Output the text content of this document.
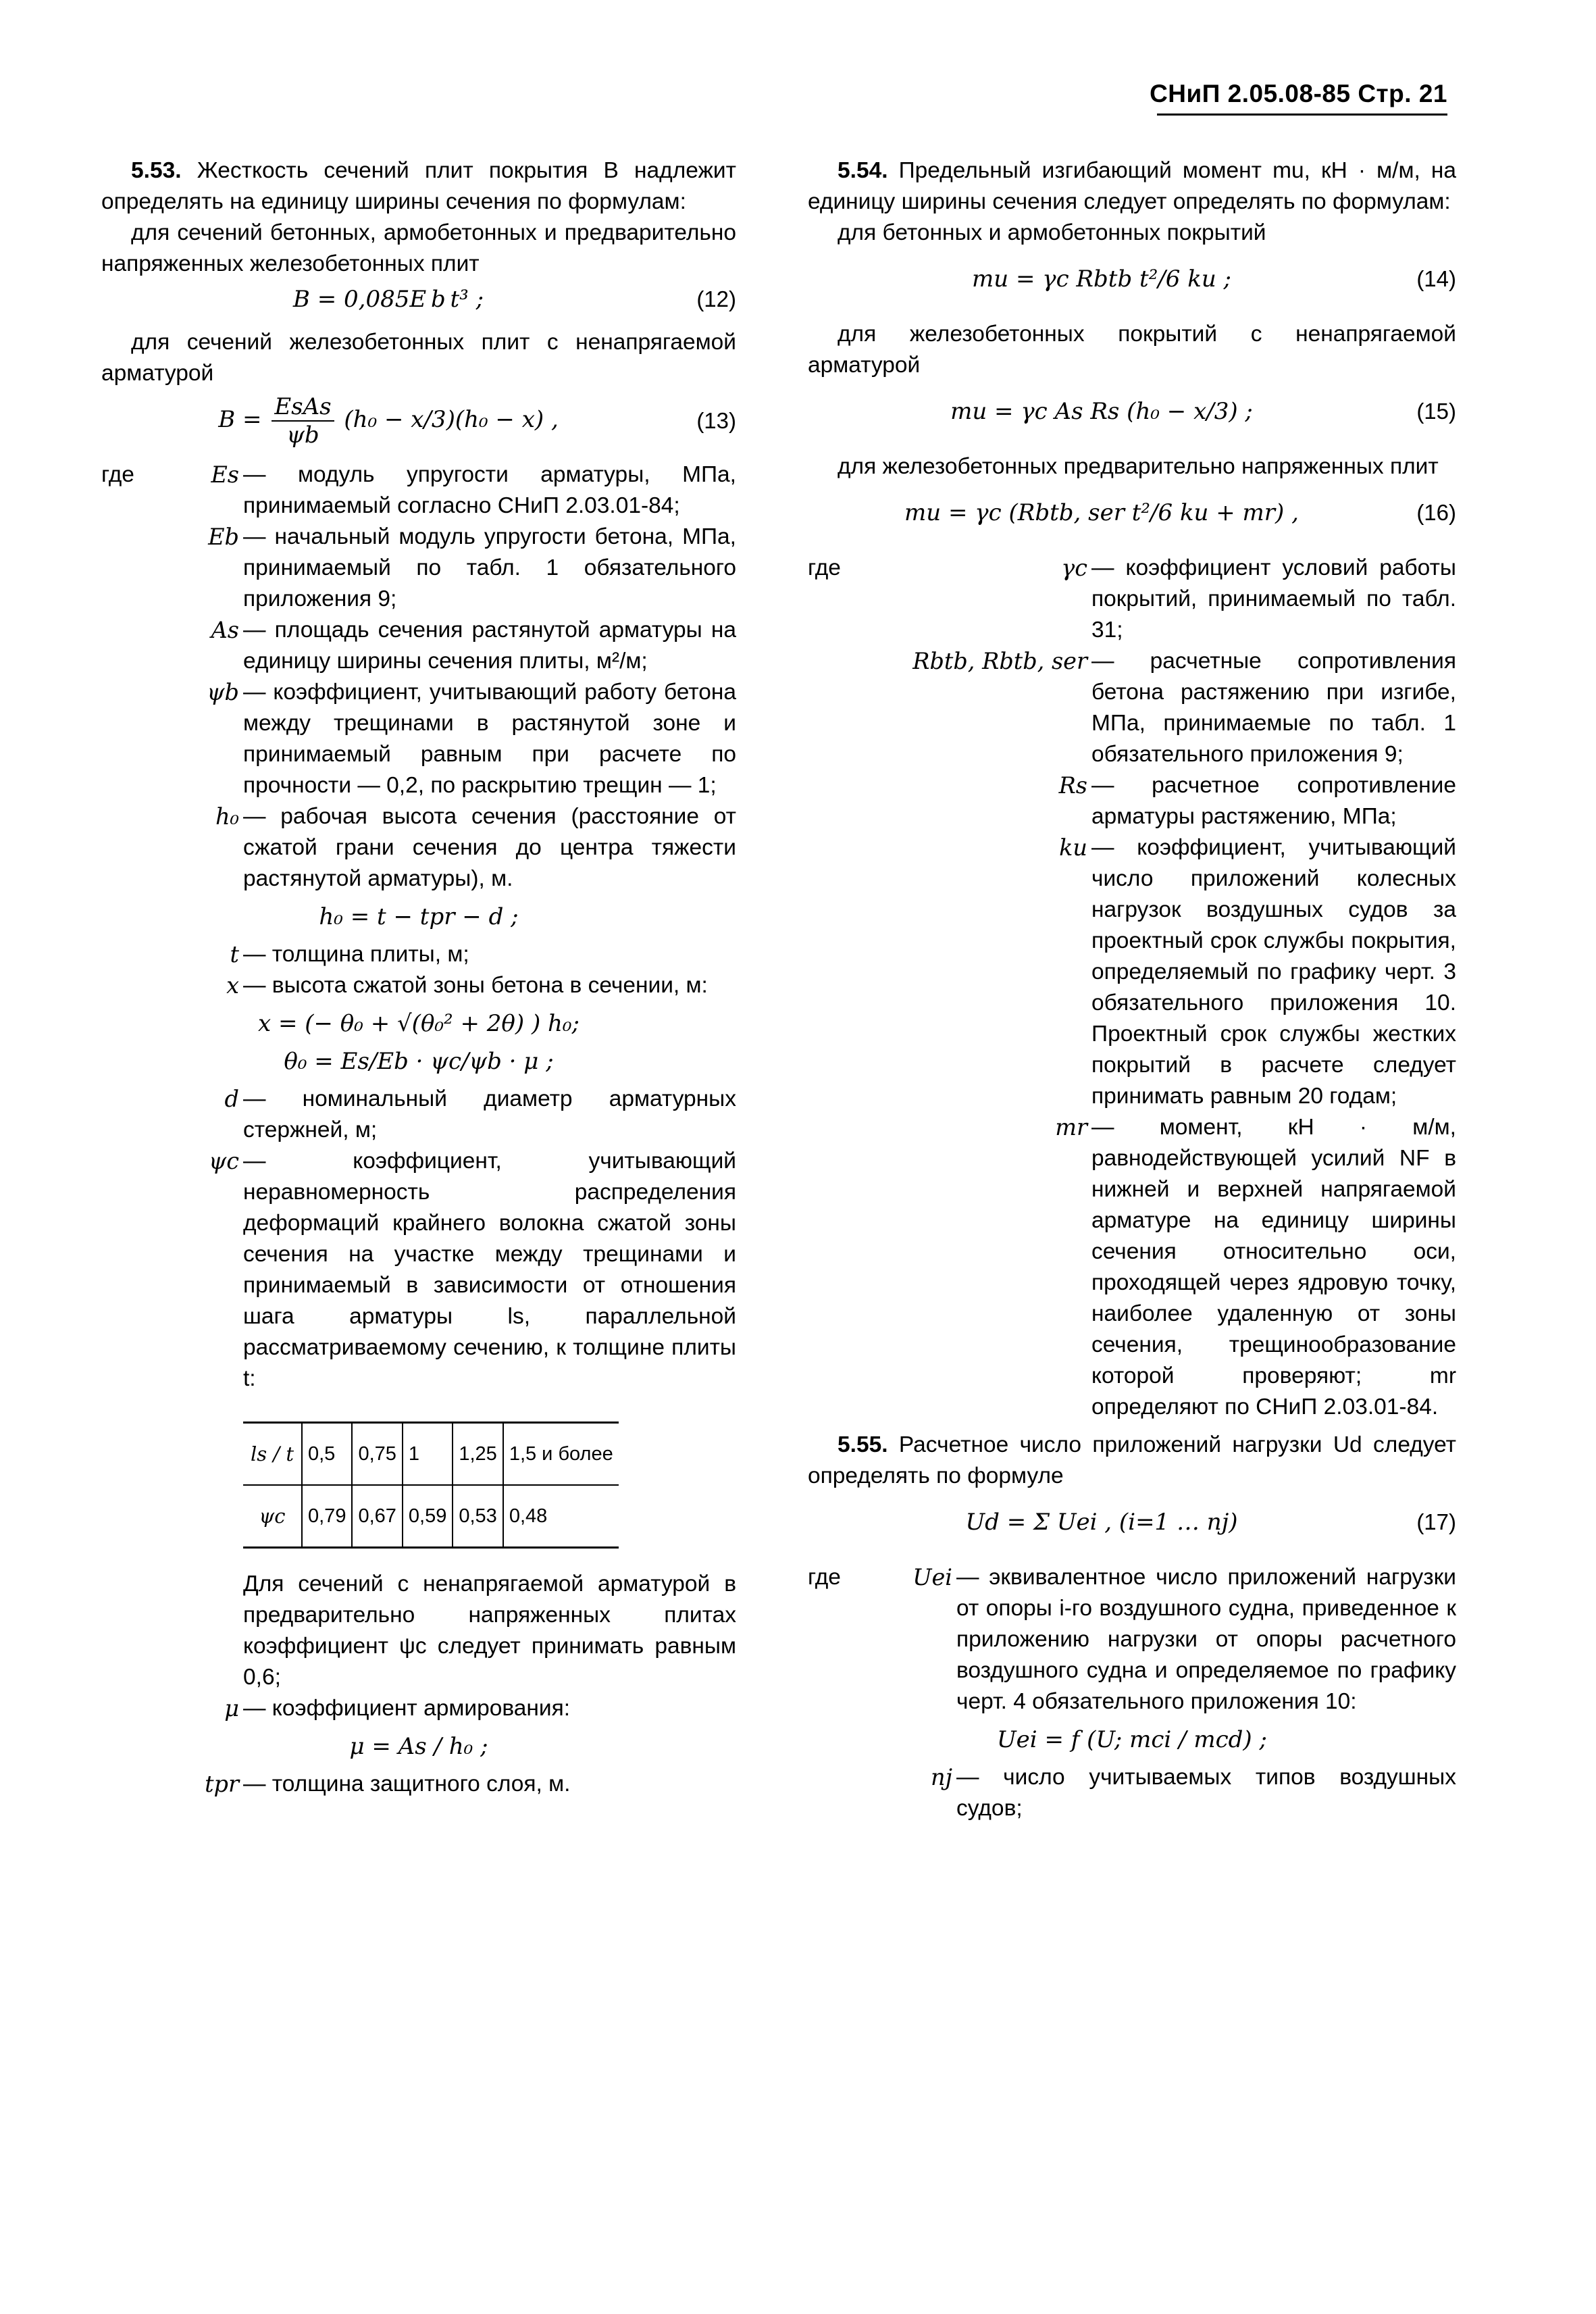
СНиП 2.05.08-85 Стр. 21

5.53. Жесткость сечений плит покрытия B надлежит определять на единицу ширины сечения по формулам:

для сечений бетонных, армобетонных и предварительно напряженных железобетонных плит

B = 0,085E b t³ ;	(12)

для сечений железобетонных плит с ненапрягаемой арматурой

$B = \frac{\text{EsAs}}{\psi b} (h_0 - x/3)(h_0 - x)$ ,	(13)
где	Es — модуль упругости арматуры, МПа, принимаемый согласно СНиП 2.03.01-84;
Eb — начальный модуль упругости бетона, МПа, принимаемый по табл. 1 обязательного приложения 9;
As — площадь сечения растянутой арматуры на единицу ширины сечения плиты, м²/м;
ψb — коэффициент, учитывающий работу бетона между трещинами в растянутой зоне и принимаемый равным при расчете по прочности — 0,2, по раскрытию трещин — 1;
h₀ — рабочая высота сечения (расстояние от сжатой грани сечения до центра тяжести растянутой арматуры), м.
h₀ = t − tpr − d ;
t — толщина плиты, м;
x — высота сжатой зоны бетона в сечении, м:
x = (− θ₀ + √(θ₀² + 2θ) ) h₀;
θ₀ = Es/Eb · ψc/ψb · μ ;
d — номинальный диаметр арматурных стержней, м;
ψc — коэффициент, учитывающий неравномерность распределения деформаций крайнего волокна сжатой зоны сечения на участке между трещинами и принимаемый в зависимости от отношения шага арматуры ls, параллельной рассматриваемому сечению, к толщине плиты t:
ls / t	0,5	0,75	1	1,25	1,5 и более
ψc	0,79	0,67	0,59	0,53	0,48
Для сечений с ненапрягаемой арматурой в предварительно напряженных плитах коэффициент ψc следует принимать равным 0,6;
μ — коэффициент армирования:
μ = As / h₀ ;
tpr — толщина защитного слоя, м.

5.54. Предельный изгибающий момент mu, кН · м/м, на единицу ширины сечения следует определять по формулам:

для бетонных и армобетонных покрытий

mu = γc Rbtb t²/6 ku ;	(14)

для железобетонных покрытий с ненапрягаемой арматурой

mu = γc As Rs (h₀ − x/3) ;	(15)

для железобетонных предварительно напряженных плит

mu = γc (Rbtb, ser t²/6 ku + mr) ,	(16)
где	γc — коэффициент условий работы покрытий, принимаемый по табл. 31;
Rbtb, Rbtb, ser — расчетные сопротивления бетона растяжению при изгибе, МПа, принимаемые по табл. 1 обязательного приложения 9;
Rs — расчетное сопротивление арматуры растяжению, МПа;
ku — коэффициент, учитывающий число приложений колесных нагрузок воздушных судов за проектный срок службы покрытия, определяемый по графику черт. 3 обязательного приложения 10. Проектный срок службы жестких покрытий в расчете следует принимать равным 20 годам;
mr — момент, кН · м/м, равнодействующей усилий NF в нижней и верхней напрягаемой арматуре на единицу ширины сечения относительно оси, проходящей через ядровую точку, наиболее удаленную от зоны сечения, трещинообразование которой проверяют; mr определяют по СНиП 2.03.01-84.

5.55. Расчетное число приложений нагрузки Ud следует определять по формуле

Ud = Σ Uei , (i=1 … nj)	(17)
где	Uei — эквивалентное число приложений нагрузки от опоры i-го воздушного судна, приведенное к приложению нагрузки от опоры расчетного воздушного судна и определяемое по графику черт. 4 обязательного приложения 10:
Uei = f (U; mci / mcd) ;
nj — число учитываемых типов воздушных судов;
